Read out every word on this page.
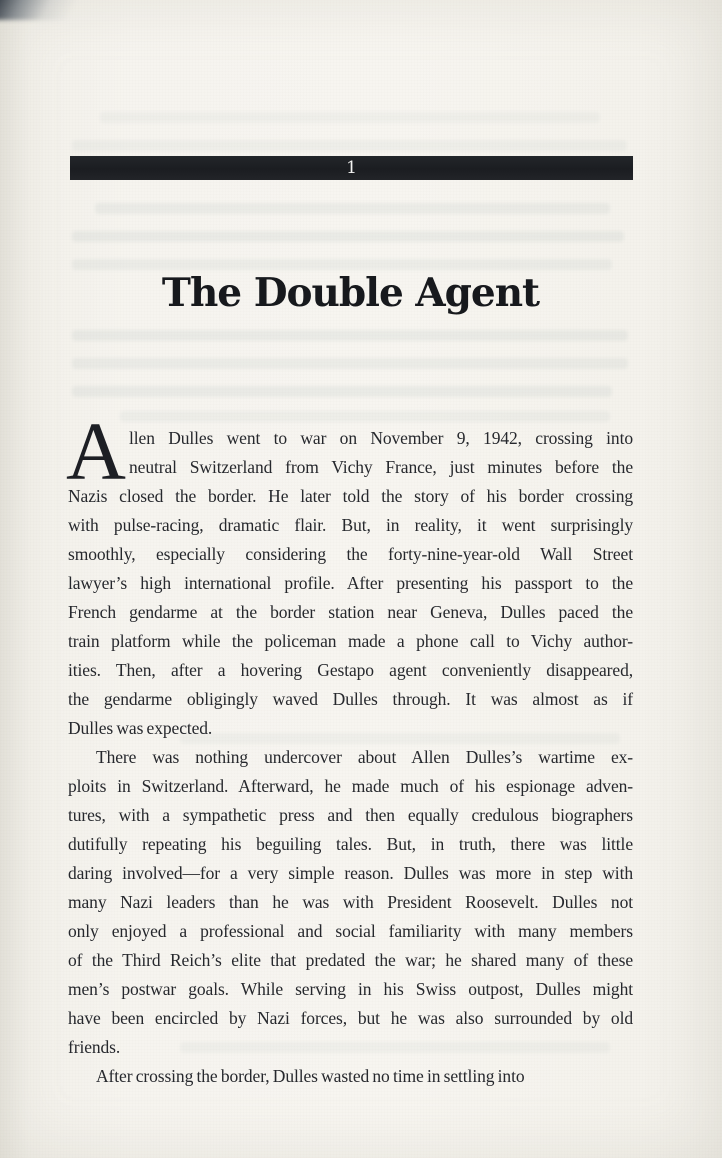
1
The Double Agent
A llen Dulles went to war on November 9, 1942, crossing into
neutral Switzerland from Vichy France, just minutes before the
Nazis closed the border. He later told the story of his border crossing
with pulse-racing, dramatic flair. But, in reality, it went surprisingly
smoothly, especially considering the forty-nine-year-old Wall Street
lawyer’s high international profile. After presenting his passport to the
French gendarme at the border station near Geneva, Dulles paced the
train platform while the policeman made a phone call to Vichy author-
ities. Then, after a hovering Gestapo agent conveniently disappeared,
the gendarme obligingly waved Dulles through. It was almost as if
Dulles was expected.
There was nothing undercover about Allen Dulles’s wartime ex-
ploits in Switzerland. Afterward, he made much of his espionage adven-
tures, with a sympathetic press and then equally credulous biographers
dutifully repeating his beguiling tales. But, in truth, there was little
daring involved—for a very simple reason. Dulles was more in step with
many Nazi leaders than he was with President Roosevelt. Dulles not
only enjoyed a professional and social familiarity with many members
of the Third Reich’s elite that predated the war; he shared many of these
men’s postwar goals. While serving in his Swiss outpost, Dulles might
have been encircled by Nazi forces, but he was also surrounded by old
friends.
After crossing the border, Dulles wasted no time in settling into
